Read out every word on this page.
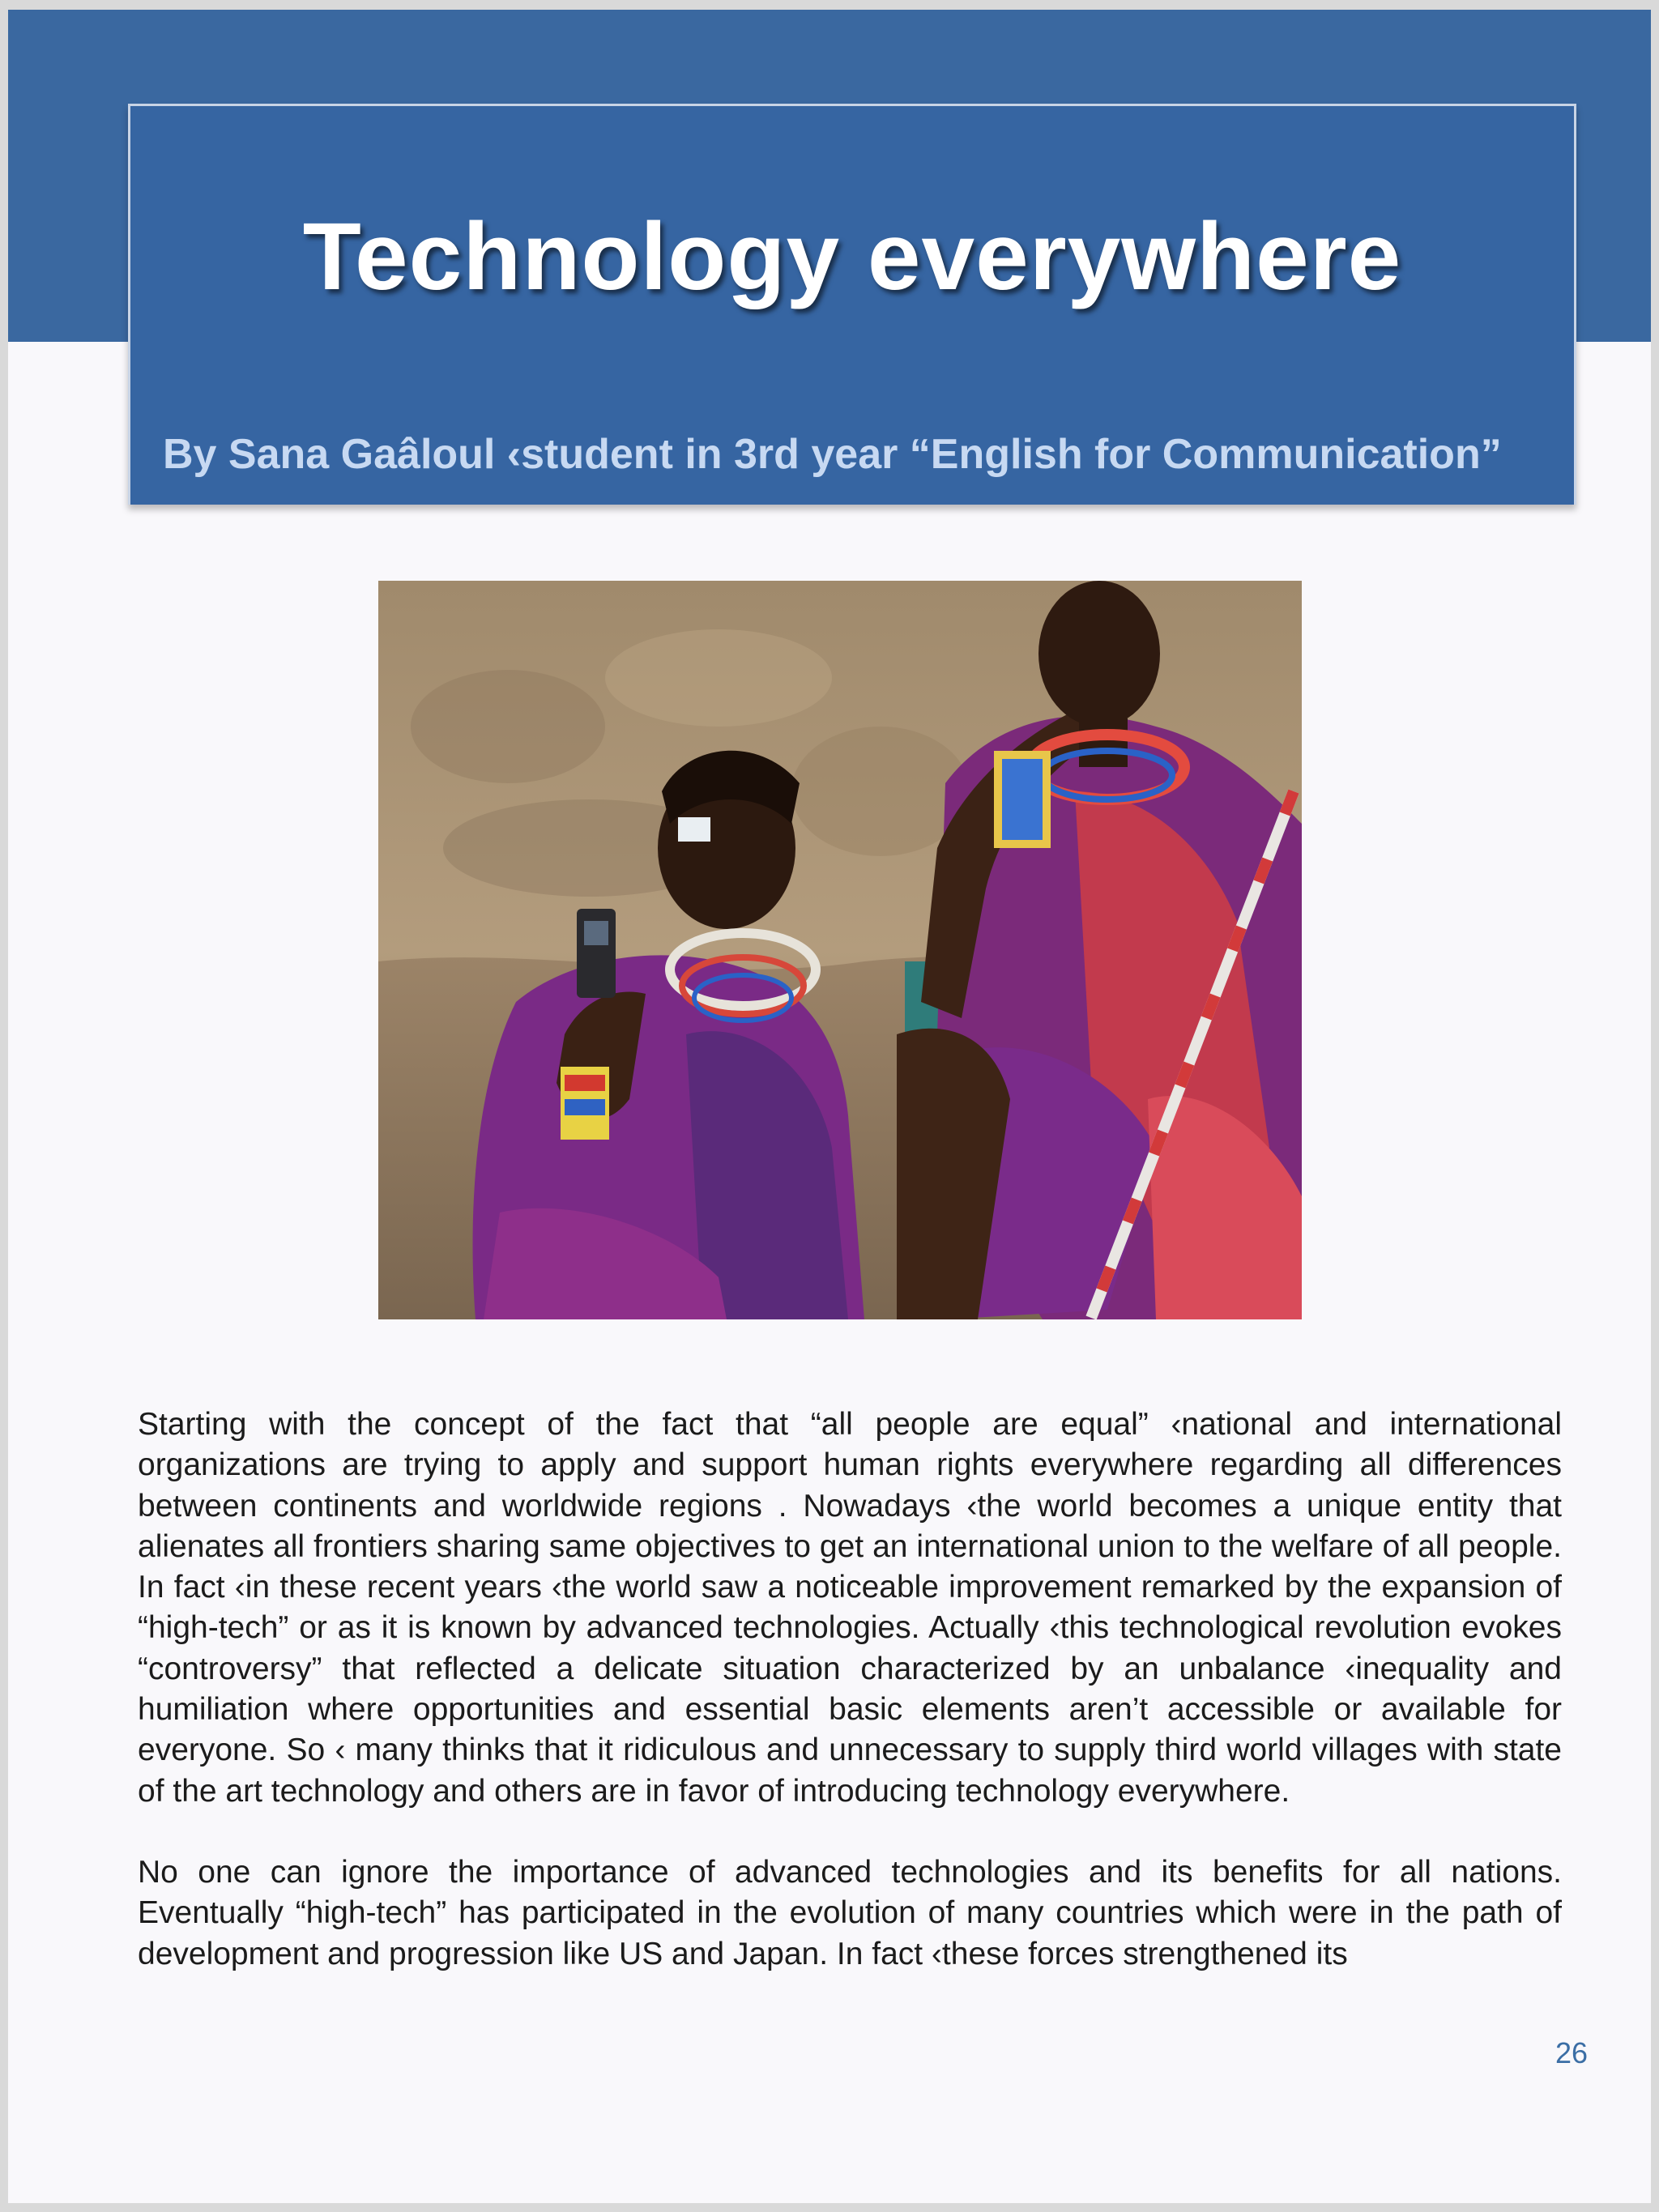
Technology everywhere
By Sana Gaâloul ‹student in 3rd year “English for Communication”

Starting with the concept of the fact that “all people are equal” ‹national and international organizations are trying to apply and support human rights everywhere regarding all differences between continents and worldwide regions . Nowadays ‹the world becomes a unique entity that alienates all frontiers sharing same objectives to get an international union to the welfare of all people. In fact ‹in these recent years ‹the world saw a noticeable improvement remarked by the expansion of “high-tech” or as it is known by advanced technologies. Actually ‹this technological revolution evokes “controversy” that reflected a delicate situation characterized by an unbalance ‹inequality and humiliation where opportunities and essential basic elements aren’t accessible or available for everyone. So ‹ many thinks that it ridiculous and unnecessary to supply third world villages with state of the art technology and others are in favor of introducing technology everywhere.

No one can ignore the importance of advanced technologies and its benefits for all nations. Eventually “high-tech” has participated in the evolution of many countries which were in the path of development and progression like US and Japan. In fact ‹these forces strengthened its

26
